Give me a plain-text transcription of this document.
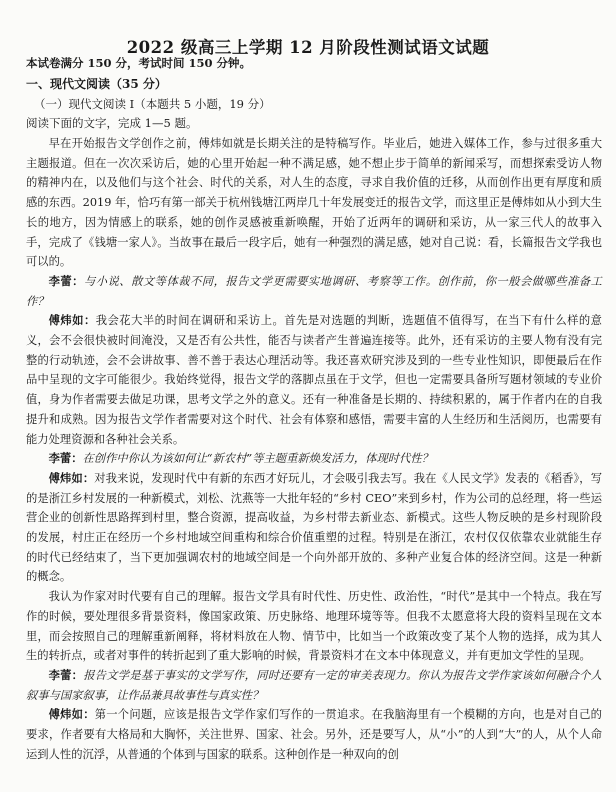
2022 级高三上学期 12 月阶段性测试语文试题
本试卷满分 150 分，考试时间 150 分钟。
一、现代文阅读（35 分）
（一）现代文阅读 I（本题共 5 小题，19 分）
阅读下面的文字，完成 1—5 题。

早在开始报告文学创作之前，傅炜如就是长期关注的是特稿写作。毕业后，她进入媒体工作，参与过很多重大主题报道。但在一次次采访后，她的心里开始起一种不满足感，她不想止步于简单的新闻采写，而想探索受访人物的精神内在，以及他们与这个社会、时代的关系，对人生的态度，寻求自我价值的迁移，从而创作出更有厚度和质感的东西。2019 年，恰巧有第一部关于杭州钱塘江两岸几十年发展变迁的报告文学，而这里正是傅炜如从小到大生长的地方，因为情感上的联系，她的创作灵感被重新唤醒，开始了近两年的调研和采访，从一家三代人的故事入手，完成了《钱塘一家人》。当故事在最后一段字后，她有一种强烈的满足感，她对自己说：看，长篇报告文学我也可以的。

李蕾：与小说、散文等体裁不同，报告文学更需要实地调研、考察等工作。创作前，你一般会做哪些准备工作？

傅炜如：我会花大半的时间在调研和采访上。首先是对选题的判断，选题值不值得写，在当下有什么样的意义，会不会很快被时间淹没，又是否有公共性，能否与读者产生普遍连接等。此外，还有采访的主要人物有没有完整的行动轨迹，会不会讲故事、善不善于表达心理活动等。我还喜欢研究涉及到的一些专业性知识，即便最后在作品中呈现的文字可能很少。我始终觉得，报告文学的落脚点虽在于文学，但也一定需要具备所写题材领域的专业价值，身为作者需要去做足功课，思考文学之外的意义。还有一种准备是长期的、持续积累的，属于作者内在的自我提升和成熟。因为报告文学作者需要对这个时代、社会有体察和感悟，需要丰富的人生经历和生活阅历，也需要有能力处理资源和各种社会关系。

李蕾：在创作中你认为该如何让“新农村”等主题重新焕发活力，体现时代性？

傅炜如：对我来说，发现时代中有新的东西才好玩儿，才会吸引我去写。我在《人民文学》发表的《稻香》，写的是浙江乡村发展的一种新模式，刘松、沈燕等一大批年轻的“乡村 CEO”来到乡村，作为公司的总经理，将一些运营企业的创新性思路挥到村里，整合资源，提高收益，为乡村带去新业态、新模式。这些人物反映的是乡村现阶段的发展，村庄正在经历一个乡村地域空间重构和综合价值重塑的过程。特别是在浙江，农村仅仅依靠农业就能生存的时代已经结束了，当下更加强调农村的地域空间是一个向外部开放的、多种产业复合体的经济空间。这是一种新的概念。

我认为作家对时代要有自己的理解。报告文学具有时代性、历史性、政治性，“时代”是其中一个特点。我在写作的时候，要处理很多背景资料，像国家政策、历史脉络、地理环境等等。但我不太愿意将大段的资料呈现在文本里，而会按照自己的理解重新阐释，将材料放在人物、情节中，比如当一个政策改变了某个人物的选择，成为其人生的转折点，或者对事件的转折起到了重大影响的时候，背景资料才在文本中体现意义，并有更加文学性的呈现。

李蕾：报告文学是基于事实的文学写作，同时还要有一定的审美表现力。你认为报告文学作家该如何融合个人叙事与国家叙事，让作品兼具故事性与真实性？

傅炜如：第一个问题，应该是报告文学作家们写作的一贯追求。在我脑海里有一个模糊的方向，也是对自己的要求，作者要有大格局和大胸怀，关注世界、国家、社会。另外，还是要写人，从“小”的人到“大”的人，从个人命运到人性的沉浮，从普通的个体到与国家的联系。这种创作是一种双向的创
